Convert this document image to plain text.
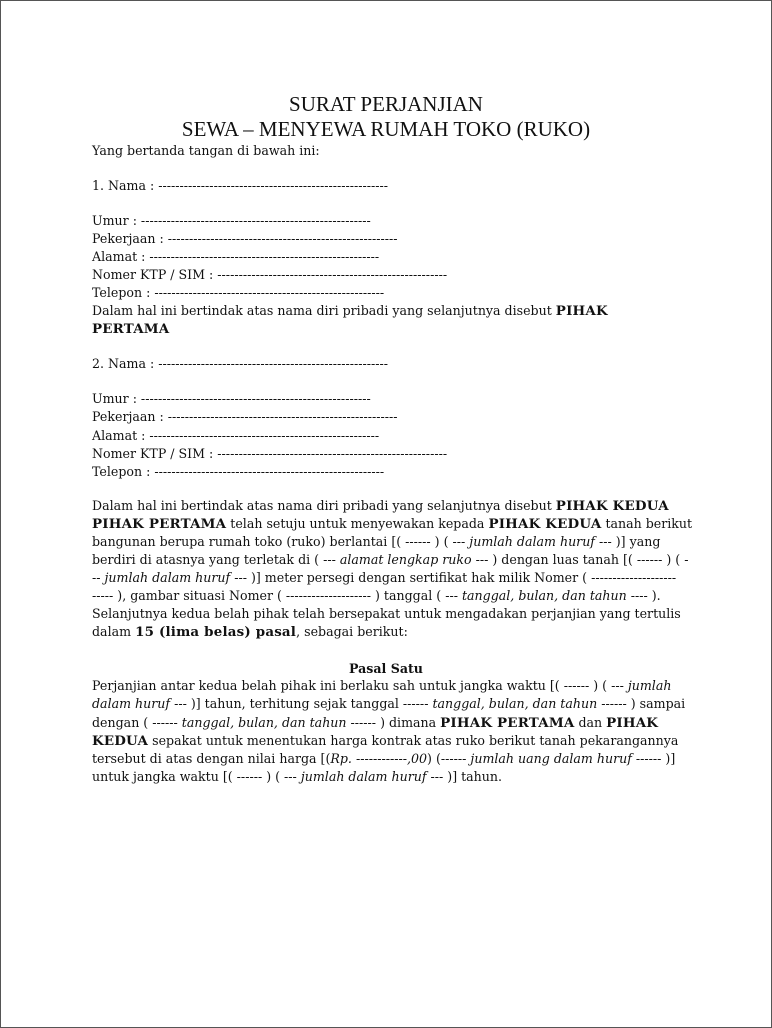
SURAT PERJANJIAN
SEWA – MENYEWA RUMAH TOKO (RUKO)
Yang bertanda tangan di bawah ini:
1. Nama : ------------------------------------------------------
Umur : ------------------------------------------------------
Pekerjaan : ------------------------------------------------------
Alamat : ------------------------------------------------------
Nomer KTP / SIM : ------------------------------------------------------
Telepon : ------------------------------------------------------
Dalam hal ini bertindak atas nama diri pribadi yang selanjutnya disebut PIHAK
PERTAMA
2. Nama : ------------------------------------------------------
Umur : ------------------------------------------------------
Pekerjaan : ------------------------------------------------------
Alamat : ------------------------------------------------------
Nomer KTP / SIM : ------------------------------------------------------
Telepon : ------------------------------------------------------
Dalam hal ini bertindak atas nama diri pribadi yang selanjutnya disebut PIHAK KEDUA
PIHAK PERTAMA telah setuju untuk menyewakan kepada PIHAK KEDUA tanah berikut
bangunan berupa rumah toko (ruko) berlantai [( ------ ) ( --- jumlah dalam huruf --- )] yang
berdiri di atasnya yang terletak di ( --- alamat lengkap ruko --- ) dengan luas tanah [( ------ ) ( -
-- jumlah dalam huruf --- )] meter persegi dengan sertifikat hak milik Nomer ( --------------------
----- ), gambar situasi Nomer ( -------------------- ) tanggal ( --- tanggal, bulan, dan tahun ---- ).
Selanjutnya kedua belah pihak telah bersepakat untuk mengadakan perjanjian yang tertulis
dalam 15 (lima belas) pasal, sebagai berikut:
Pasal Satu
Perjanjian antar kedua belah pihak ini berlaku sah untuk jangka waktu [( ------ ) ( --- jumlah
dalam huruf --- )] tahun, terhitung sejak tanggal ------ tanggal, bulan, dan tahun ------ ) sampai
dengan ( ------ tanggal, bulan, dan tahun ------ ) dimana PIHAK PERTAMA dan PIHAK
KEDUA sepakat untuk menentukan harga kontrak atas ruko berikut tanah pekarangannya
tersebut di atas dengan nilai harga [(Rp. ------------,00) (------ jumlah uang dalam huruf ------ )]
untuk jangka waktu [( ------ ) ( --- jumlah dalam huruf --- )] tahun.
